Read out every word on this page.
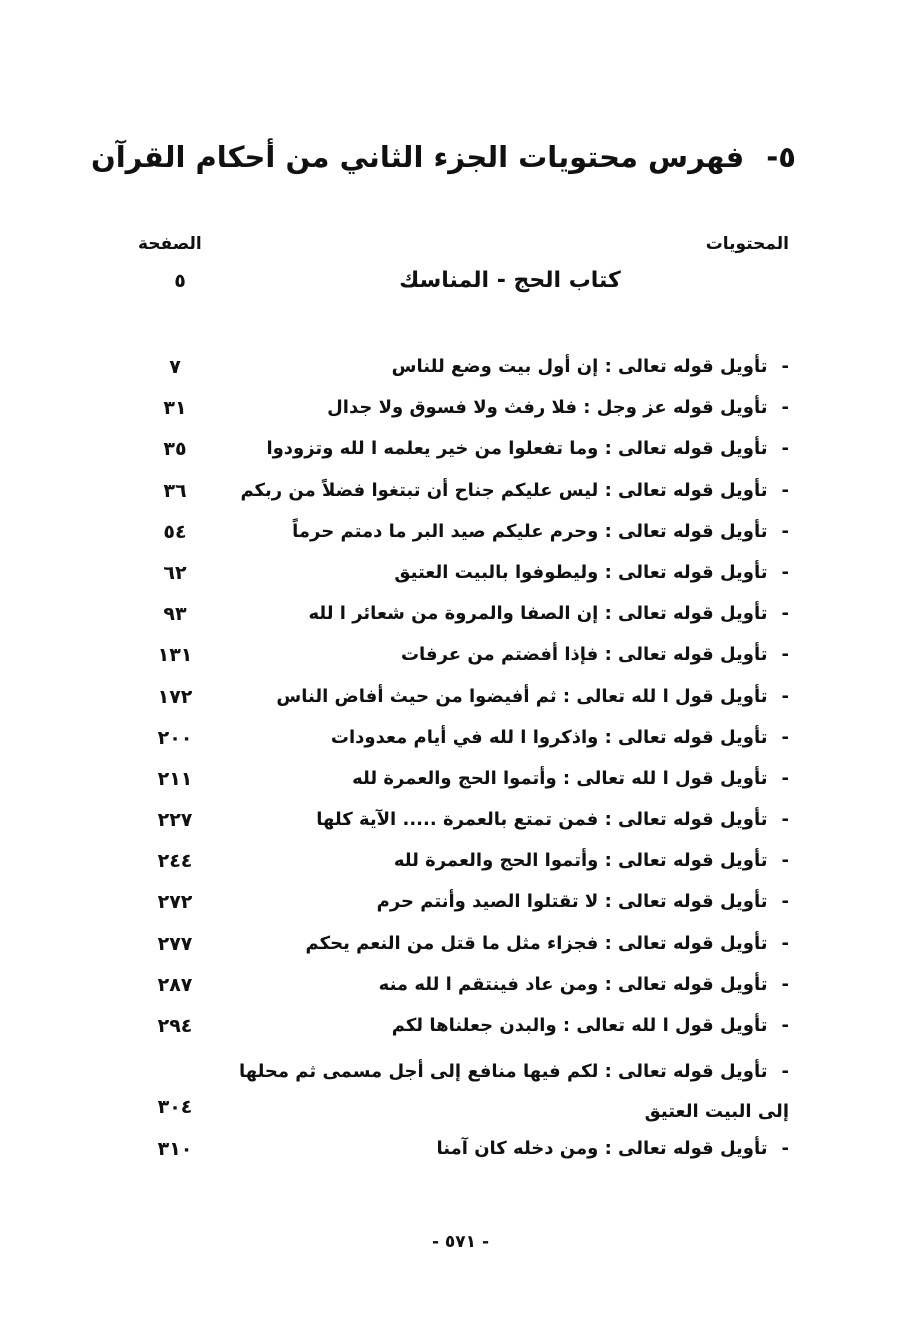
٥-فهرس محتويات الجزء الثاني من أحكام القرآن
المحتويات
الصفحة
كتاب الحج - المناسك
٥
-تأويل قوله تعالى : إن أول بيت وضع للناس
٧
-تأويل قوله عز وجل : فلا رفث ولا فسوق ولا جدال
٣١
-تأويل قوله تعالى : وما تفعلوا من خير يعلمه ا لله وتزودوا
٣٥
-تأويل قوله تعالى : ليس عليكم جناح أن تبتغوا فضلاً من ربكم
٣٦
-تأويل قوله تعالى : وحرم عليكم صيد البر ما دمتم حرماً
٥٤
-تأويل قوله تعالى : وليطوفوا بالبيت العتيق
٦٢
-تأويل قوله تعالى : إن الصفا والمروة من شعائر ا لله
٩٣
-تأويل قوله تعالى : فإذا أفضتم من عرفات
١٣١
-تأويل قول ا لله تعالى : ثم أفيضوا من حيث أفاض الناس
١٧٢
-تأويل قوله تعالى : واذكروا ا لله في أيام معدودات
٢٠٠
-تأويل قول ا لله تعالى : وأتموا الحج والعمرة لله
٢١١
-تأويل قوله تعالى : فمن تمتع بالعمرة ..... الآية كلها
٢٢٧
-تأويل قوله تعالى : وأتموا الحج والعمرة لله
٢٤٤
-تأويل قوله تعالى : لا تقتلوا الصيد وأنتم حرم
٢٧٢
-تأويل قوله تعالى : فجزاء مثل ما قتل من النعم يحكم
٢٧٧
-تأويل قوله تعالى : ومن عاد فينتقم ا لله منه
٢٨٧
-تأويل قول ا لله تعالى : والبدن جعلناها لكم
٢٩٤
-تأويل قوله تعالى : لكم فيها منافع إلى أجل مسمى ثم محلها إلى البيت العتيق
٣٠٤
-تأويل قوله تعالى : ومن دخله كان آمنا
٣١٠
- ٥٧١ -
